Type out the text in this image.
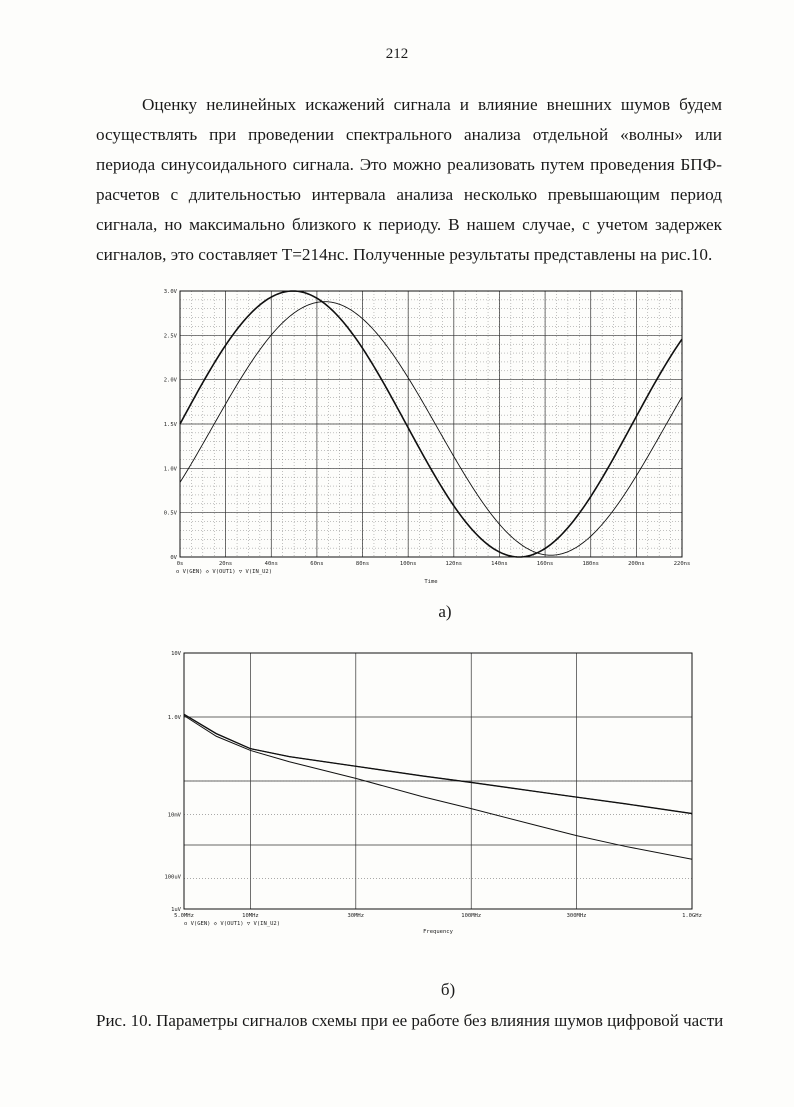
212

Оценку нелинейных искажений сигнала и влияние внешних шумов будем осуществлять при проведении спектрального анализа отдельной «волны» или периода синусоидального сигнала. Это можно реализовать путем проведения БПФ-расчетов с длительностью интервала анализа несколько превышающим период сигнала, но максимально близкого к периоду. В нашем случае, с учетом задержек сигналов, это составляет T=214нс. Полученные результаты представлены на рис.10.

0s	20ns	40ns	60ns	80ns	100ns	120ns	140ns	160ns	180ns	200ns	220ns
0V
0.5V
1.0V
1.5V
2.0V
2.5V
3.0V
o V(GEN) ◇ V(OUT1) ▽ V(IN_U2)
Time
а)
5.0MHz	10MHz	30MHz	100MHz	300MHz	1.0GHz
10V
1.0V
10mV
100uV
1uV
o V(GEN) ◇ V(OUT1) ▽ V(IN_U2)
Frequency
б)
Рис. 10. Параметры сигналов схемы при ее работе без влияния шумов цифровой части
